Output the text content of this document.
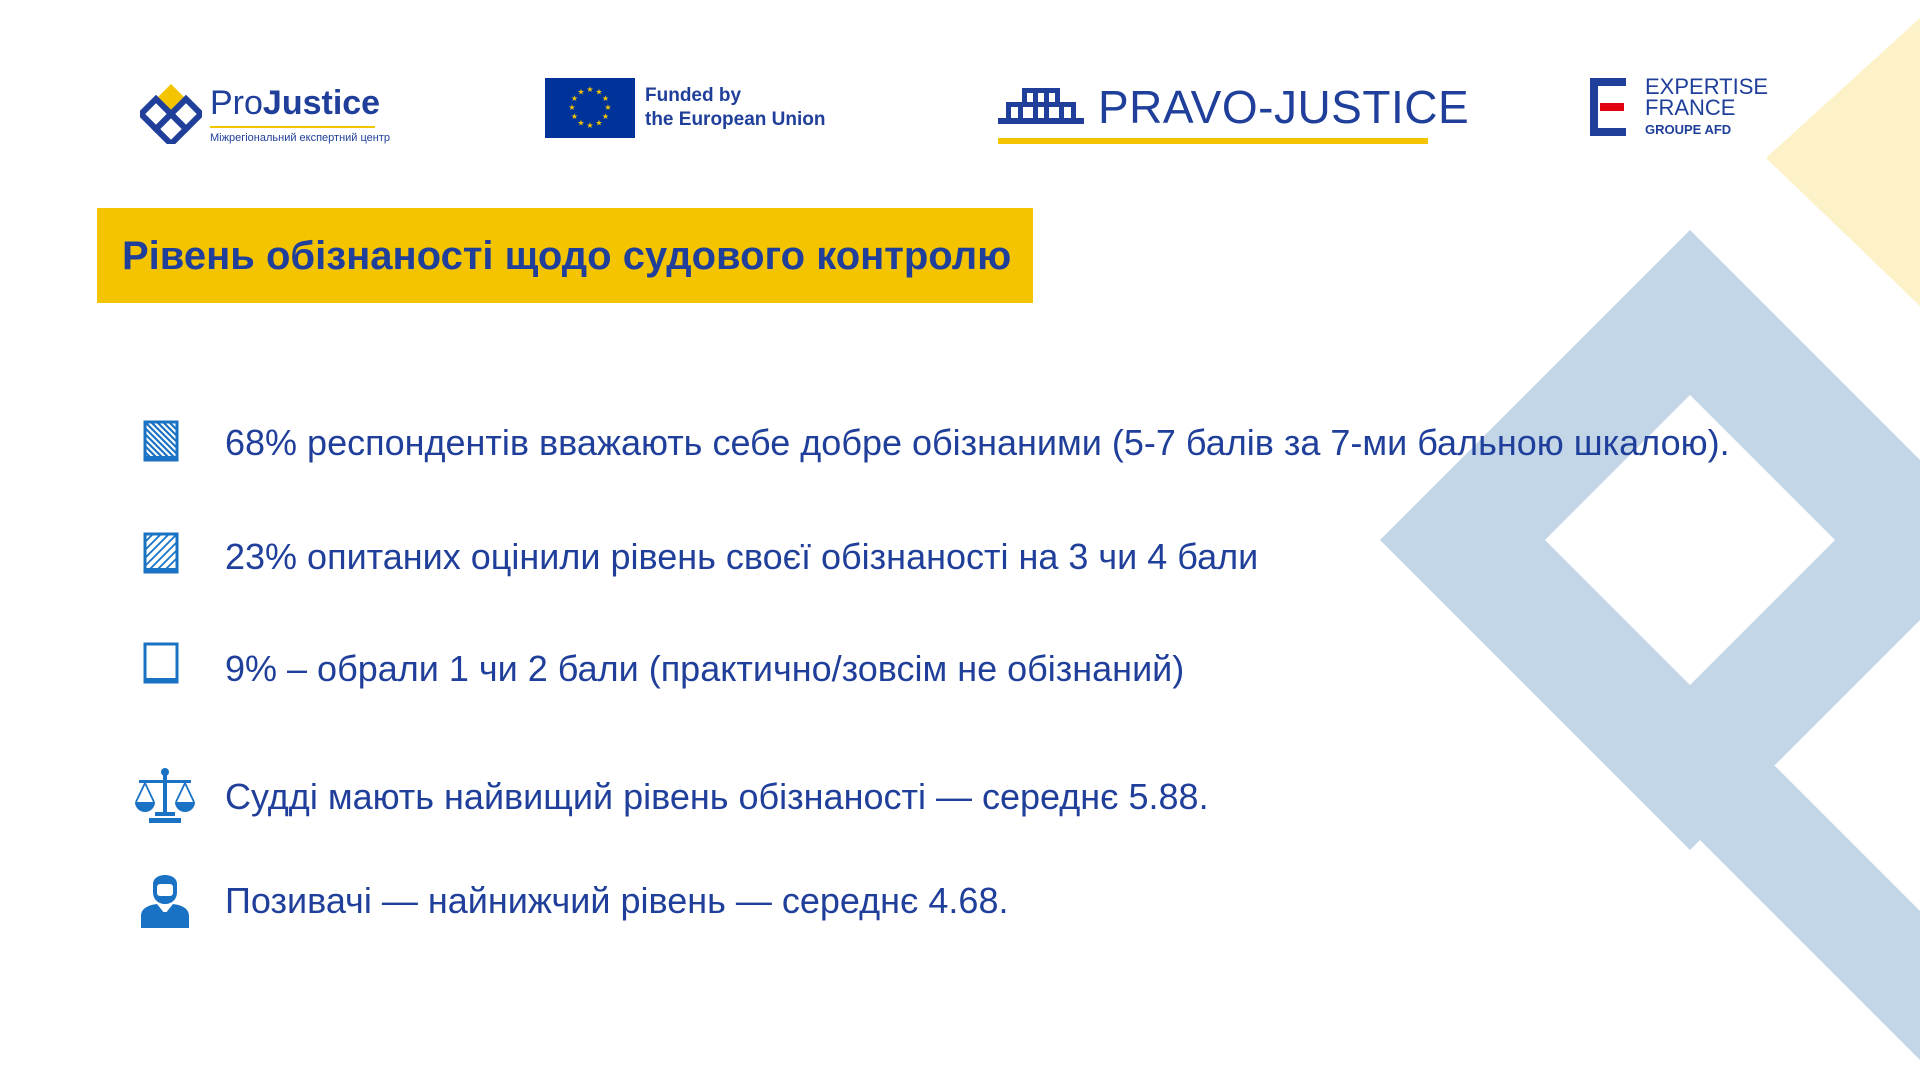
ProJustice
Міжрегіональний експертний центр
★ ★
★
★
★
★
★
★
★
★
★
★	Funded by
the European Union	PRAVO-JUSTICE	EXPERTISE
FRANCE
GROUPE AFD
Рівень обізнаності щодо судового контролю
68% респондентів вважають себе добре обізнаними (5-7 балів за 7-ми бальною шкалою).
23% опитаних оцінили рівень своєї обізнаності на 3 чи 4 бали
9% – обрали 1 чи 2 бали (практично/зовсім не обізнаний)
Судді мають найвищий рівень обізнаності — середнє 5.88.
Позивачі — найнижчий рівень — середнє 4.68.
